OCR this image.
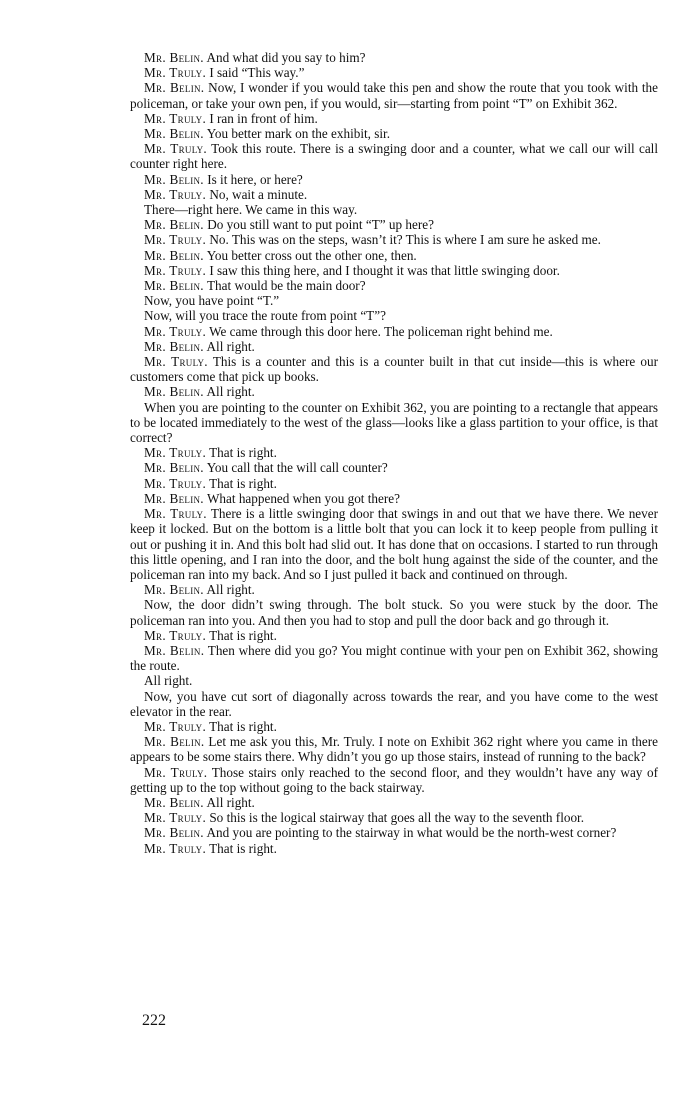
Mr. Belin. And what did you say to him?

Mr. Truly. I said “This way.”

Mr. Belin. Now, I wonder if you would take this pen and show the route that you took with the policeman, or take your own pen, if you would, sir—starting from point “T” on Exhibit 362.

Mr. Truly. I ran in front of him.

Mr. Belin. You better mark on the exhibit, sir.

Mr. Truly. Took this route. There is a swinging door and a counter, what we call our will call counter right here.

Mr. Belin. Is it here, or here?

Mr. Truly. No, wait a minute.

There—right here. We came in this way.

Mr. Belin. Do you still want to put point “T” up here?

Mr. Truly. No. This was on the steps, wasn’t it? This is where I am sure he asked me.

Mr. Belin. You better cross out the other one, then.

Mr. Truly. I saw this thing here, and I thought it was that little swinging door.

Mr. Belin. That would be the main door?

Now, you have point “T.”

Now, will you trace the route from point “T”?

Mr. Truly. We came through this door here. The policeman right behind me.

Mr. Belin. All right.

Mr. Truly. This is a counter and this is a counter built in that cut inside—this is where our customers come that pick up books.

Mr. Belin. All right.

When you are pointing to the counter on Exhibit 362, you are pointing to a rectangle that appears to be located immediately to the west of the glass—looks like a glass partition to your office, is that correct?

Mr. Truly. That is right.

Mr. Belin. You call that the will call counter?

Mr. Truly. That is right.

Mr. Belin. What happened when you got there?

Mr. Truly. There is a little swinging door that swings in and out that we have there. We never keep it locked. But on the bottom is a little bolt that you can lock it to keep people from pulling it out or pushing it in. And this bolt had slid out. It has done that on occasions. I started to run through this little opening, and I ran into the door, and the bolt hung against the side of the counter, and the policeman ran into my back. And so I just pulled it back and continued on through.

Mr. Belin. All right.

Now, the door didn’t swing through. The bolt stuck. So you were stuck by the door. The policeman ran into you. And then you had to stop and pull the door back and go through it.

Mr. Truly. That is right.

Mr. Belin. Then where did you go? You might continue with your pen on Exhibit 362, showing the route.

All right.

Now, you have cut sort of diagonally across towards the rear, and you have come to the west elevator in the rear.

Mr. Truly. That is right.

Mr. Belin. Let me ask you this, Mr. Truly. I note on Exhibit 362 right where you came in there appears to be some stairs there. Why didn’t you go up those stairs, instead of running to the back?

Mr. Truly. Those stairs only reached to the second floor, and they wouldn’t have any way of getting up to the top without going to the back stairway.

Mr. Belin. All right.

Mr. Truly. So this is the logical stairway that goes all the way to the seventh floor.

Mr. Belin. And you are pointing to the stairway in what would be the north-west corner?

Mr. Truly. That is right.

222
